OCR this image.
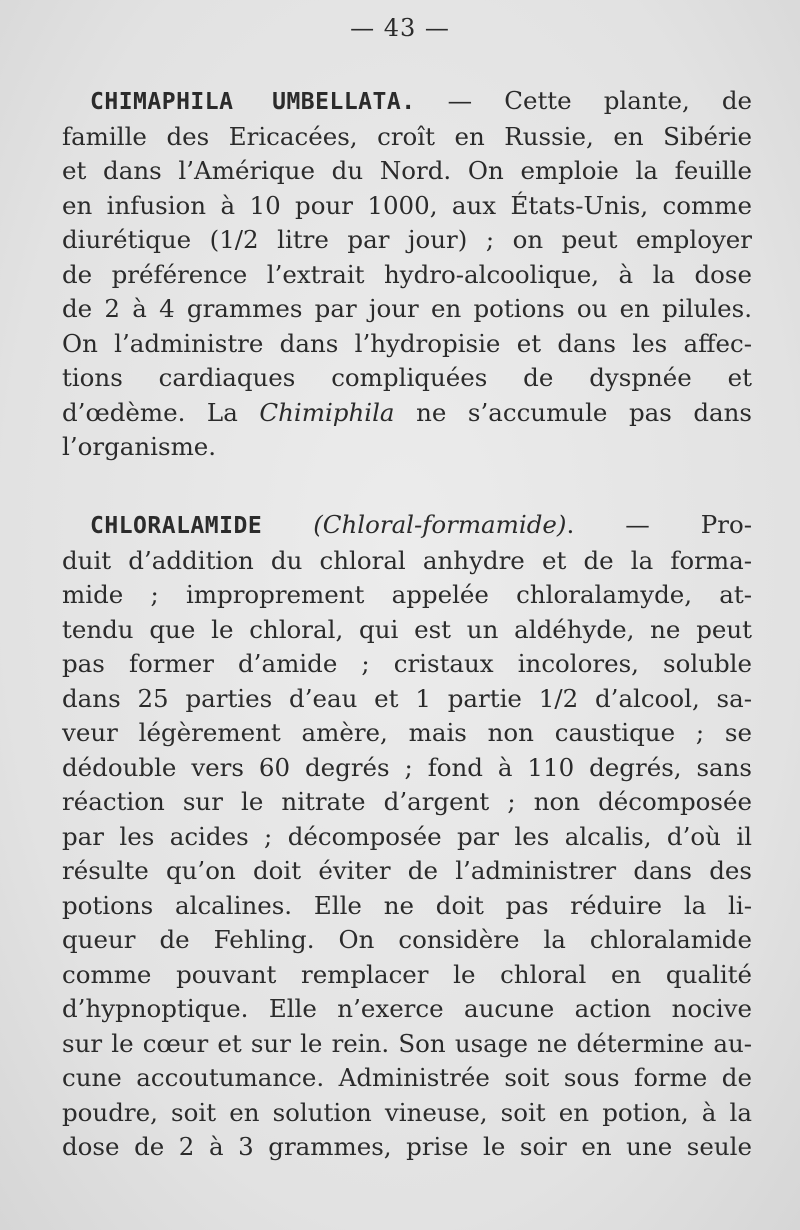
— 43 —
CHIMAPHILA UMBELLATA. — Cette plante, de
famille des Ericacées, croît en Russie, en Sibérie
et dans l’Amérique du Nord. On emploie la feuille
en infusion à 10 pour 1000, aux États-Unis, comme
diurétique (1/2 litre par jour) ; on peut employer
de préférence l’extrait hydro-alcoolique, à la dose
de 2 à 4 grammes par jour en potions ou en pilules.
On l’administre dans l’hydropisie et dans les affec-
tions cardiaques compliquées de dyspnée et
d’œdème. La Chimiphila ne s’accumule pas dans
l’organisme.
CHLORALAMIDE (Chloral-formamide). — Pro-
duit d’addition du chloral anhydre et de la forma-
mide ; improprement appelée chloralamyde, at-
tendu que le chloral, qui est un aldéhyde, ne peut
pas former d’amide ; cristaux incolores, soluble
dans 25 parties d’eau et 1 partie 1/2 d’alcool, sa-
veur légèrement amère, mais non caustique ; se
dédouble vers 60 degrés ; fond à 110 degrés, sans
réaction sur le nitrate d’argent ; non décomposée
par les acides ; décomposée par les alcalis, d’où il
résulte qu’on doit éviter de l’administrer dans des
potions alcalines. Elle ne doit pas réduire la li-
queur de Fehling. On considère la chloralamide
comme pouvant remplacer le chloral en qualité
d’hypnoptique. Elle n’exerce aucune action nocive
sur le cœur et sur le rein. Son usage ne détermine au-
cune accoutumance. Administrée soit sous forme de
poudre, soit en solution vineuse, soit en potion, à la
dose de 2 à 3 grammes, prise le soir en une seule
